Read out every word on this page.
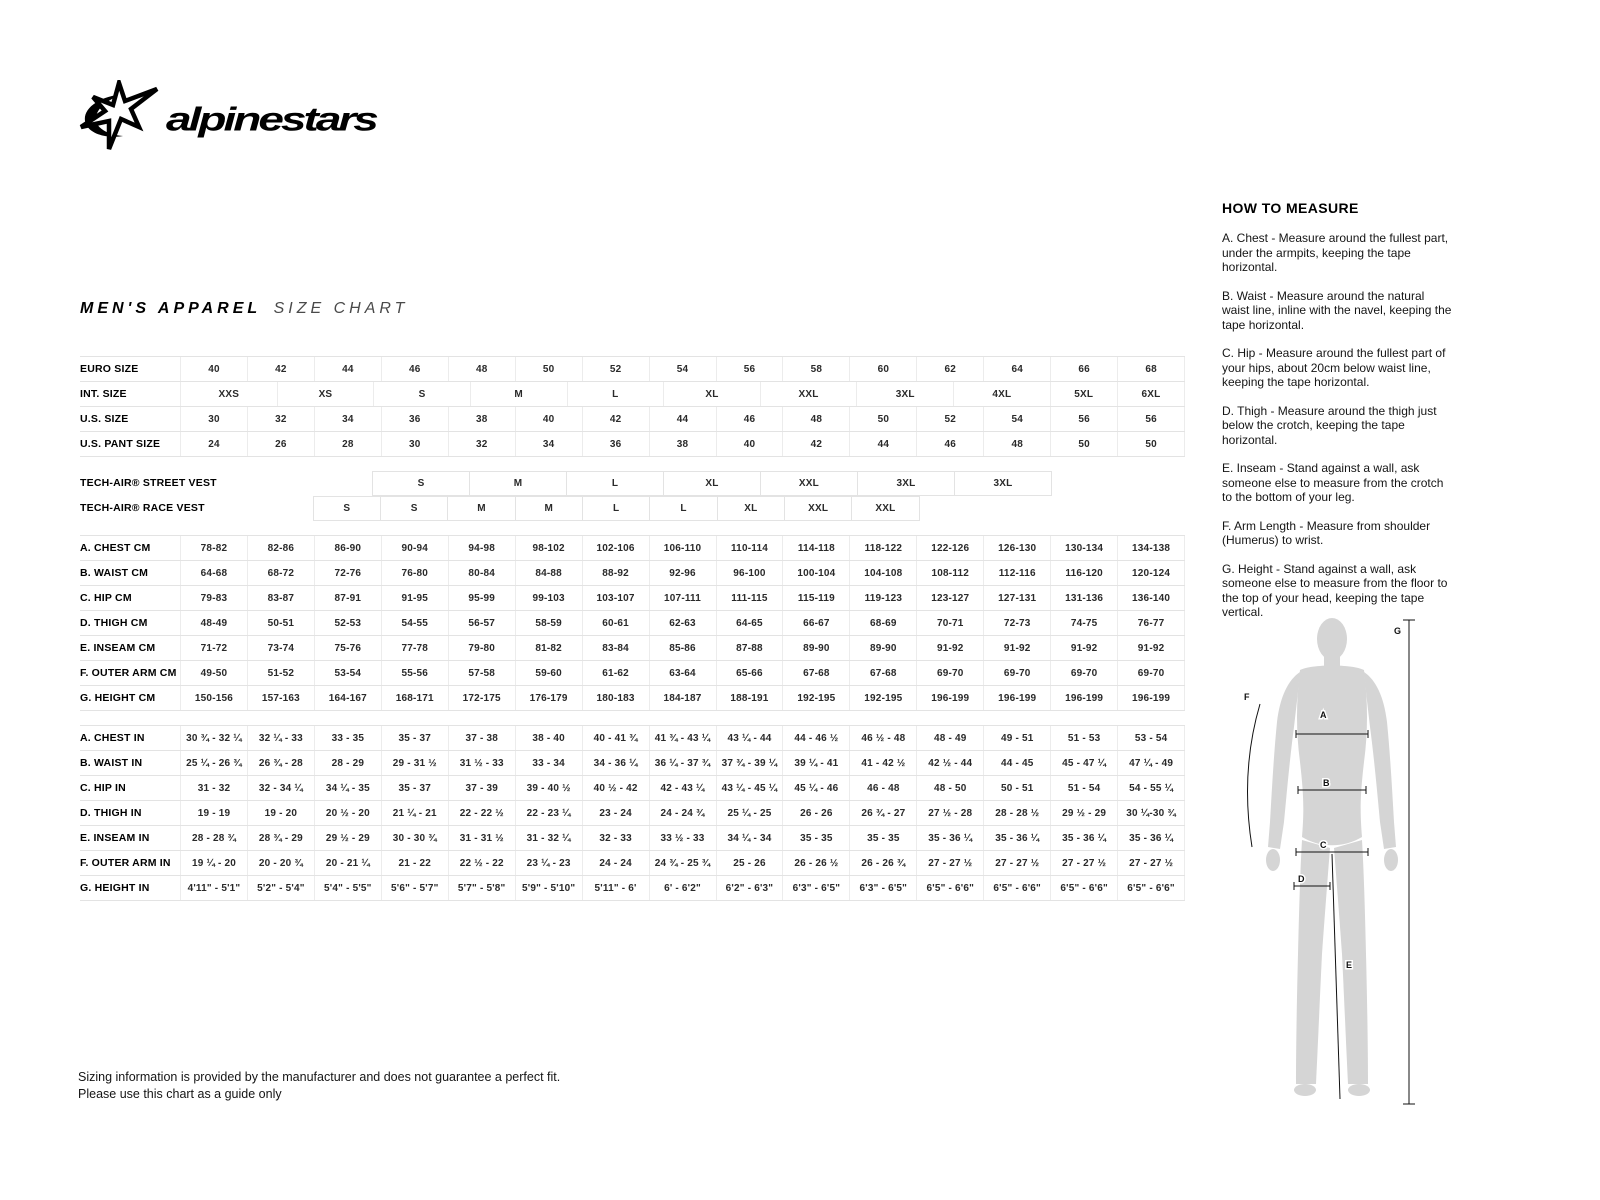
alpinestars
MEN'S APPAREL SIZE CHART
EURO SIZE	40	42	44	46	48	50	52	54	56	58	60	62	64	66	68
INT. SIZE	XXS	XS	S	M	L	XL	XXL	3XL	4XL	5XL	6XL
U.S. SIZE	30	32	34	36	38	40	42	44	46	48	50	52	54	56	56
U.S. PANT SIZE	24	26	28	30	32	34	36	38	40	42	44	46	48	50	50
TECH-AIR® STREET VEST	S	M	L	XL	XXL	3XL	3XL
TECH-AIR® RACE VEST	S	S	M	M	L	L	XL	XXL	XXL
A. CHEST CM	78-82	82-86	86-90	90-94	94-98	98-102	102-106	106-110	110-114	114-118	118-122	122-126	126-130	130-134	134-138
B. WAIST CM	64-68	68-72	72-76	76-80	80-84	84-88	88-92	92-96	96-100	100-104	104-108	108-112	112-116	116-120	120-124
C. HIP CM	79-83	83-87	87-91	91-95	95-99	99-103	103-107	107-111	111-115	115-119	119-123	123-127	127-131	131-136	136-140
D. THIGH CM	48-49	50-51	52-53	54-55	56-57	58-59	60-61	62-63	64-65	66-67	68-69	70-71	72-73	74-75	76-77
E. INSEAM CM	71-72	73-74	75-76	77-78	79-80	81-82	83-84	85-86	87-88	89-90	89-90	91-92	91-92	91-92	91-92
F. OUTER ARM CM	49-50	51-52	53-54	55-56	57-58	59-60	61-62	63-64	65-66	67-68	67-68	69-70	69-70	69-70	69-70
G. HEIGHT CM	150-156	157-163	164-167	168-171	172-175	176-179	180-183	184-187	188-191	192-195	192-195	196-199	196-199	196-199	196-199
A. CHEST IN	30 ¾ - 32 ¼	32 ¼ - 33	33 - 35	35 - 37	37 - 38	38 - 40	40 - 41 ¾	41 ¾ - 43 ¼	43 ¼ - 44	44 - 46 ½	46 ½ - 48	48 - 49	49 - 51	51 - 53	53 - 54
B. WAIST IN	25 ¼ - 26 ¾	26 ¾ - 28	28 - 29	29 - 31 ½	31 ½ - 33	33 - 34	34 - 36 ¼	36 ¼ - 37 ¾	37 ¾ - 39 ¼	39 ¼ - 41	41 - 42 ½	42 ½ - 44	44 - 45	45 - 47 ¼	47 ¼ - 49
C. HIP IN	31 - 32	32 - 34 ¼	34 ¼ - 35	35 - 37	37 - 39	39 - 40 ½	40 ½ - 42	42 - 43 ¼	43 ¼ - 45 ¼	45 ¼ - 46	46 - 48	48 - 50	50 - 51	51 - 54	54 - 55 ¼
D. THIGH IN	19 - 19	19 - 20	20 ½ - 20	21 ¼ - 21	22 - 22 ½	22 - 23 ¼	23 - 24	24 - 24 ¾	25 ¼ - 25	26 - 26	26 ¾ - 27	27 ½ - 28	28 - 28 ½	29 ½ - 29	30 ¼-30 ¾
E. INSEAM IN	28 - 28 ¾	28 ¾ - 29	29 ½ - 29	30 - 30 ¾	31 - 31 ½	31 - 32 ¼	32 - 33	33 ½ - 33	34 ¼ - 34	35 - 35	35 - 35	35 - 36 ¼	35 - 36 ¼	35 - 36 ¼	35 - 36 ¼
F. OUTER ARM IN	19 ¼ - 20	20 - 20 ¾	20 - 21 ¼	21 - 22	22 ½ - 22	23 ¼ - 23	24 - 24	24 ¾ - 25 ¾	25 - 26	26 - 26 ½	26 - 26 ¾	27 - 27 ½	27 - 27 ½	27 - 27 ½	27 - 27 ½
G. HEIGHT IN	4'11" - 5'1"	5'2" - 5'4"	5'4" - 5'5"	5'6" - 5'7"	5'7" - 5'8"	5'9" - 5'10"	5'11" - 6'	6' - 6'2"	6'2" - 6'3"	6'3" - 6'5"	6'3" - 6'5"	6'5" - 6'6"	6'5" - 6'6"	6'5" - 6'6"	6'5" - 6'6"

HOW TO MEASURE

A. Chest - Measure around the fullest part, under the armpits, keeping the tape horizontal.

B. Waist - Measure around the natural waist line, inline with the navel, keeping the tape horizontal.

C. Hip - Measure around the fullest part of your hips, about 20cm below waist line, keeping the tape horizontal.

D. Thigh - Measure around the thigh just below the crotch, keeping the tape horizontal.

E. Inseam - Stand against a wall, ask someone else to measure from the crotch to the bottom of your leg.

F. Arm Length - Measure from shoulder (Humerus) to wrist.

G. Height - Stand against a wall, ask someone else to measure from the floor to the top of your head, keeping the tape vertical.

A
B
C
D
E
F
G
Sizing information is provided by the manufacturer and does not guarantee a perfect fit.
Please use this chart as a guide only
